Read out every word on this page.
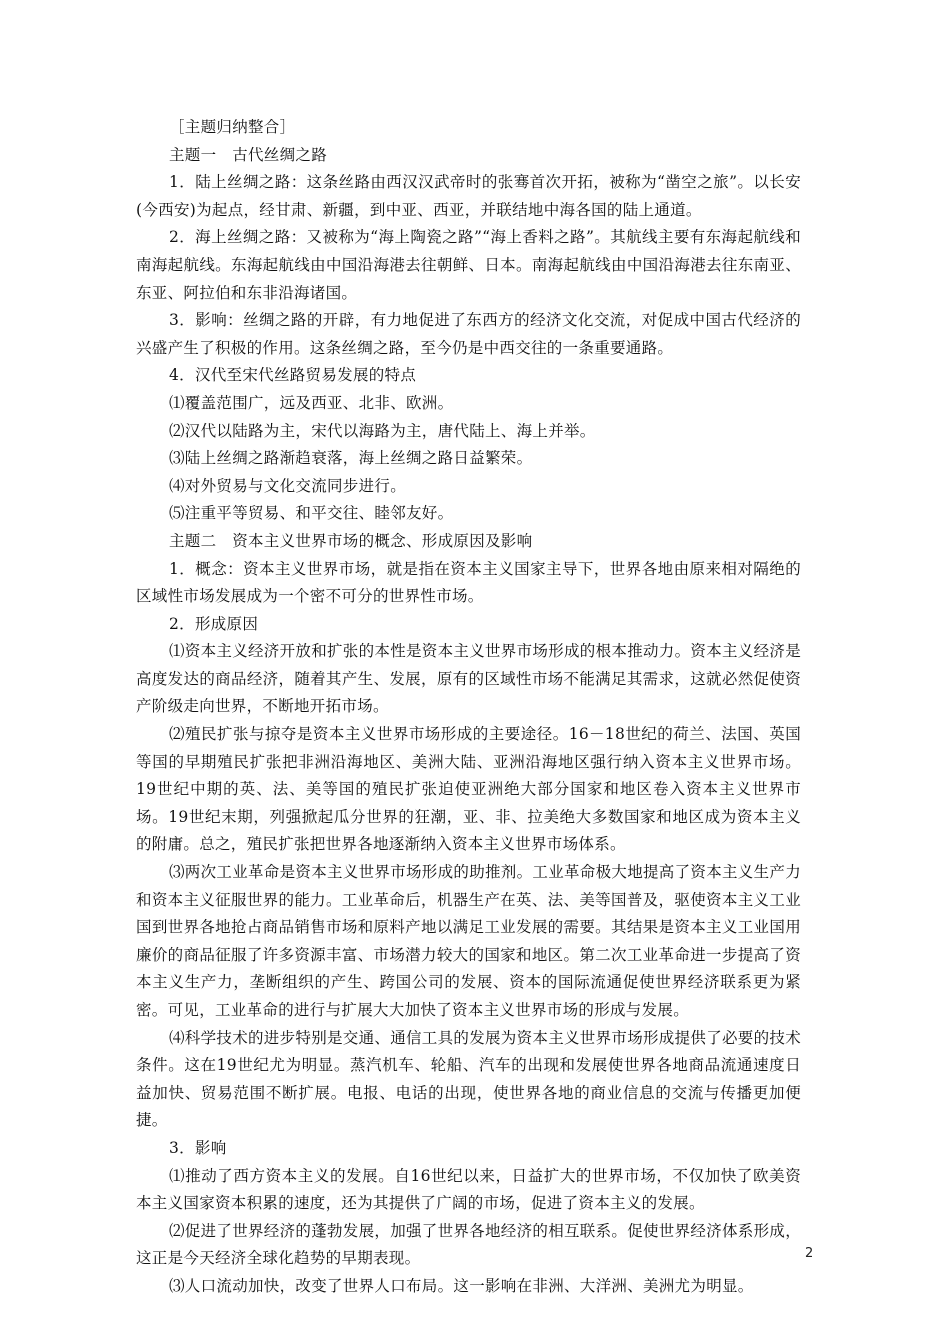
［主题归纳整合］

主题一　古代丝绸之路

1．陆上丝绸之路：这条丝路由西汉汉武帝时的张骞首次开拓，被称为“凿空之旅”。以长安(今西安)为起点，经甘肃、新疆，到中亚、西亚，并联结地中海各国的陆上通道。

2．海上丝绸之路：又被称为“海上陶瓷之路”“海上香料之路”。其航线主要有东海起航线和南海起航线。东海起航线由中国沿海港去往朝鲜、日本。南海起航线由中国沿海港去往东南亚、东亚、阿拉伯和东非沿海诸国。

3．影响：丝绸之路的开辟，有力地促进了东西方的经济文化交流，对促成中国古代经济的兴盛产生了积极的作用。这条丝绸之路，至今仍是中西交往的一条重要通路。

4．汉代至宋代丝路贸易发展的特点

⑴覆盖范围广，远及西亚、北非、欧洲。

⑵汉代以陆路为主，宋代以海路为主，唐代陆上、海上并举。

⑶陆上丝绸之路渐趋衰落，海上丝绸之路日益繁荣。

⑷对外贸易与文化交流同步进行。

⑸注重平等贸易、和平交往、睦邻友好。

主题二　资本主义世界市场的概念、形成原因及影响

1．概念：资本主义世界市场，就是指在资本主义国家主导下，世界各地由原来相对隔绝的区域性市场发展成为一个密不可分的世界性市场。

2．形成原因

⑴资本主义经济开放和扩张的本性是资本主义世界市场形成的根本推动力。资本主义经济是高度发达的商品经济，随着其产生、发展，原有的区域性市场不能满足其需求，这就必然促使资产阶级走向世界，不断地开拓市场。

⑵殖民扩张与掠夺是资本主义世界市场形成的主要途径。16－18世纪的荷兰、法国、英国等国的早期殖民扩张把非洲沿海地区、美洲大陆、亚洲沿海地区强行纳入资本主义世界市场。19世纪中期的英、法、美等国的殖民扩张迫使亚洲绝大部分国家和地区卷入资本主义世界市场。19世纪末期，列强掀起瓜分世界的狂潮，亚、非、拉美绝大多数国家和地区成为资本主义的附庸。总之，殖民扩张把世界各地逐渐纳入资本主义世界市场体系。

⑶两次工业革命是资本主义世界市场形成的助推剂。工业革命极大地提高了资本主义生产力和资本主义征服世界的能力。工业革命后，机器生产在英、法、美等国普及，驱使资本主义工业国到世界各地抢占商品销售市场和原料产地以满足工业发展的需要。其结果是资本主义工业国用廉价的商品征服了许多资源丰富、市场潜力较大的国家和地区。第二次工业革命进一步提高了资本主义生产力，垄断组织的产生、跨国公司的发展、资本的国际流通促使世界经济联系更为紧密。可见，工业革命的进行与扩展大大加快了资本主义世界市场的形成与发展。

⑷科学技术的进步特别是交通、通信工具的发展为资本主义世界市场形成提供了必要的技术条件。这在19世纪尤为明显。蒸汽机车、轮船、汽车的出现和发展使世界各地商品流通速度日益加快、贸易范围不断扩展。电报、电话的出现，使世界各地的商业信息的交流与传播更加便捷。

3．影响

⑴推动了西方资本主义的发展。自16世纪以来，日益扩大的世界市场，不仅加快了欧美资本主义国家资本积累的速度，还为其提供了广阔的市场，促进了资本主义的发展。

⑵促进了世界经济的蓬勃发展，加强了世界各地经济的相互联系。促使世界经济体系形成，这正是今天经济全球化趋势的早期表现。

⑶人口流动加快，改变了世界人口布局。这一影响在非洲、大洋洲、美洲尤为明显。

2
